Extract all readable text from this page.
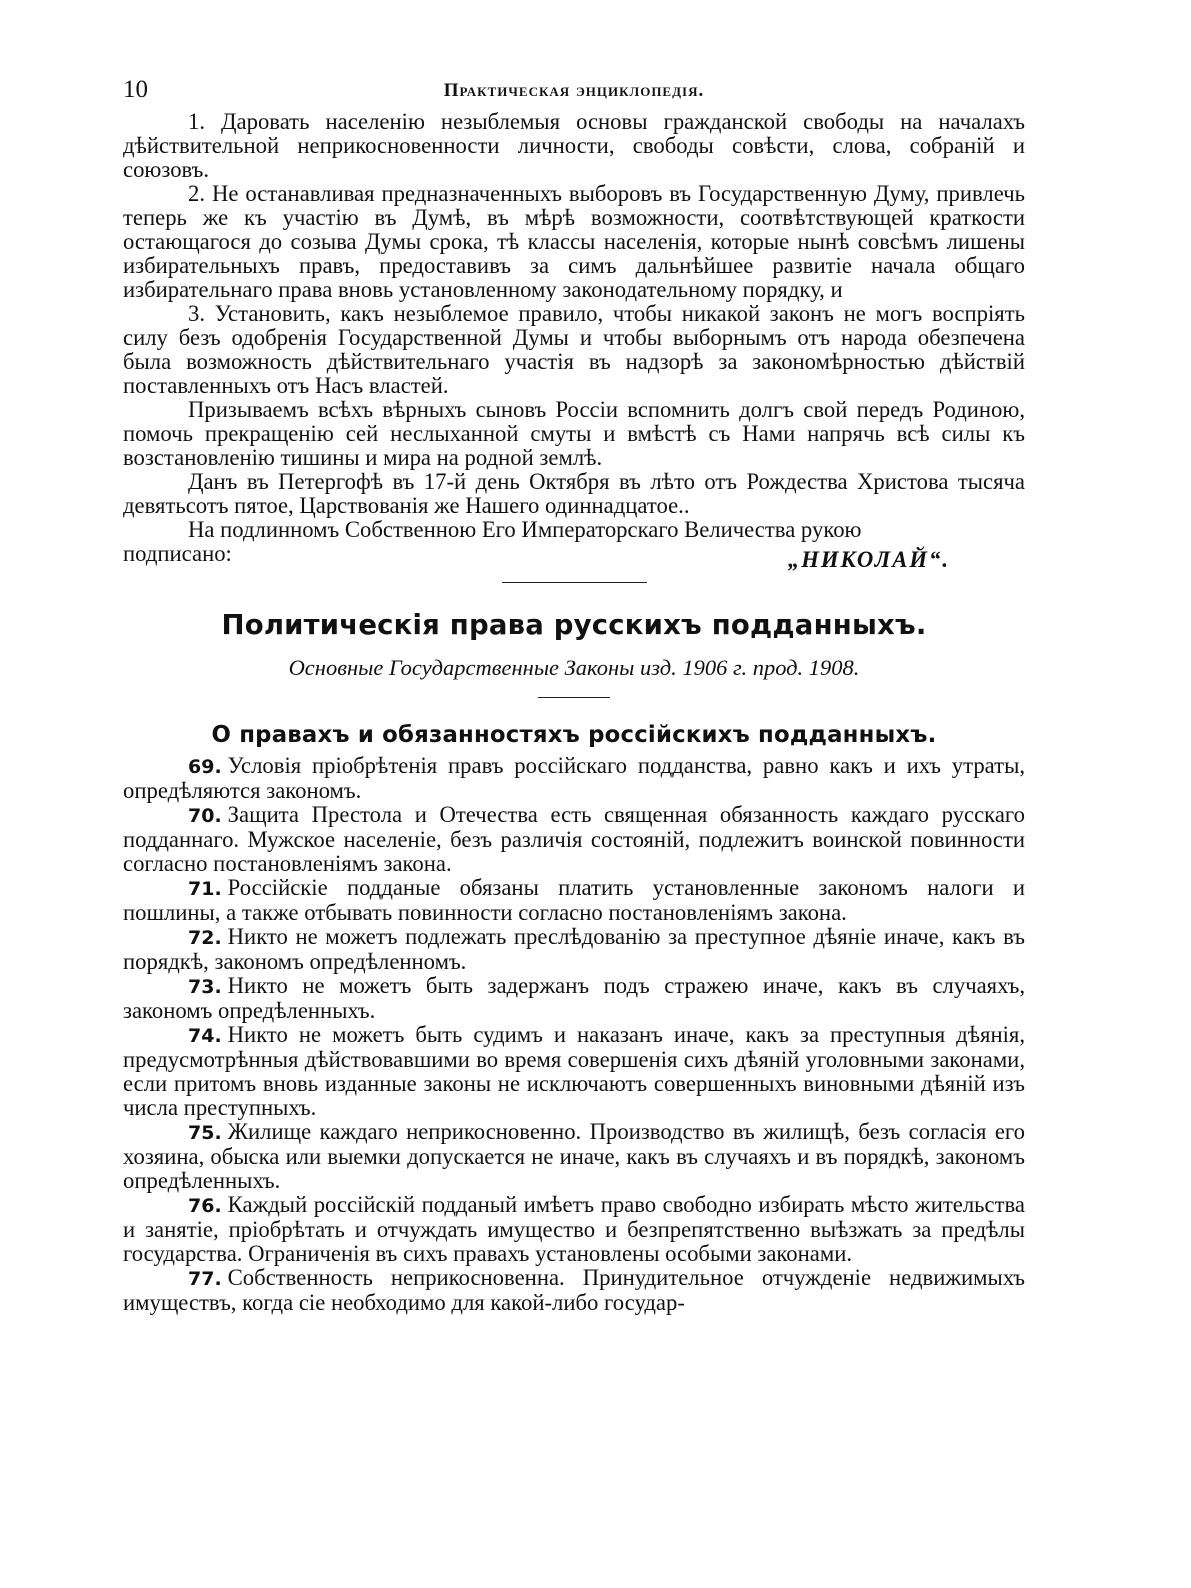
10	Практическая энциклопедія.

1. Даровать населенію незыблемыя основы гражданской свободы на началахъ дѣйствительной неприкосновенности личности, свободы совѣсти, слова, собраній и союзовъ.

2. Не останавливая предназначенныхъ выборовъ въ Государственную Думу, привлечь теперь же къ участію въ Думѣ, въ мѣрѣ возможности, соотвѣтствующей краткости остающагося до созыва Думы срока, тѣ классы населенія, которые нынѣ совсѣмъ лишены избирательныхъ правъ, предоставивъ за симъ дальнѣйшее развитіе начала общаго избирательнаго права вновь установленному законодательному порядку, и

3. Установить, какъ незыблемое правило, чтобы никакой законъ не могъ воспріять силу безъ одобренія Государственной Думы и чтобы выборнымъ отъ народа обезпечена была возможность дѣйствительнаго участія въ надзорѣ за закономѣрностью дѣйствій поставленныхъ отъ Насъ властей.

Призываемъ всѣхъ вѣрныхъ сыновъ Россіи вспомнить долгъ свой передъ Родиною, помочь прекращенію сей неслыханной смуты и вмѣстѣ съ Нами напрячь всѣ силы къ возстановленію тишины и мира на родной землѣ.

Данъ въ Петергофѣ въ 17-й день Октября въ лѣто отъ Рождества Христова тысяча девятьсотъ пятое, Царствованія же Нашего одиннадцатое..

На подлинномъ Собственною Его Императорскаго Величества рукою
подписано:	„НИКОЛАЙ“.
Политическія права русскихъ подданныхъ.
Основные Государственные Законы изд. 1906 г. прод. 1908.
О правахъ и обязанностяхъ россійскихъ подданныхъ.

69. Условія пріобрѣтенія правъ россійскаго подданства, равно какъ и ихъ утраты, опредѣляются закономъ.

70. Защита Престола и Отечества есть священная обязанность каждаго русскаго подданнаго. Мужское населеніе, безъ различія состояній, подлежитъ воинской повинности согласно постановленіямъ закона.

71. Россійскіе подданые обязаны платить установленные закономъ налоги и пошлины, а также отбывать повинности согласно постановленіямъ закона.

72. Никто не можетъ подлежать преслѣдованію за преступное дѣяніе иначе, какъ въ порядкѣ, закономъ опредѣленномъ.

73. Никто не можетъ быть задержанъ подъ стражею иначе, какъ въ случаяхъ, закономъ опредѣленныхъ.

74. Никто не можетъ быть судимъ и наказанъ иначе, какъ за преступныя дѣянія, предусмотрѣнныя дѣйствовавшими во время совершенія сихъ дѣяній уголовными законами, если притомъ вновь изданные законы не исключаютъ совершенныхъ виновными дѣяній изъ числа преступныхъ.

75. Жилище каждаго неприкосновенно. Производство въ жилищѣ, безъ согласія его хозяина, обыска или выемки допускается не иначе, какъ въ случаяхъ и въ порядкѣ, закономъ опредѣленныхъ.

76. Каждый россійскій подданый имѣетъ право свободно избирать мѣсто жительства и занятіе, пріобрѣтать и отчуждать имущество и безпрепятственно выѣзжать за предѣлы государства. Ограниченія въ сихъ правахъ установлены особыми законами.

77. Собственность неприкосновенна. Принудительное отчужденіе недвижимыхъ имуществъ, когда сіе необходимо для какой-либо государ-
